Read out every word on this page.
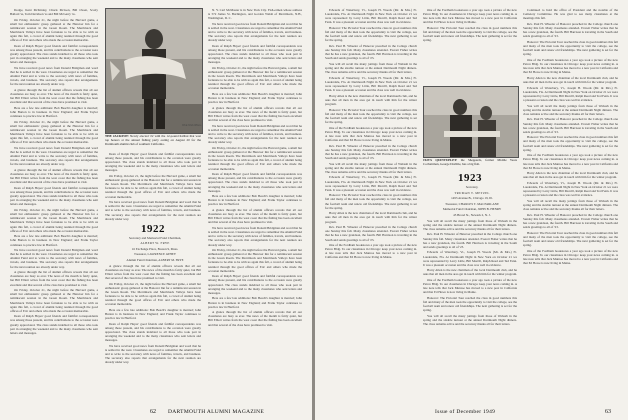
Dodge, Kent McKinley, Chuck Mcloon, Bill Owen, Scotty Ballard 'ss, Tom Davidson 'ss and Bill McGarry 'ss.

On Friday, October 21, the night before the Harvard game, a small but enthusiastic group gathered at the Hanover Inn for a reminiscent session in the Green Room. The Merrimack and Merrimack Valleys have been fortunate to be able to be with us again this fall, a crowd of alumni being reunited through the good offices of Eric and others who made the occasion memorable.

Dean of Ralph Hayes' good friends and faithful correspondents was among those present, and his contributions to the occasion were greatly appreciated. The class stands indebted to all those who took part in arranging the weekend and to the many classmates who sent letters and messages.

We have received good news from Donald Bridgman and word that he is settled in the west. Classmates are urged to remember the Alumni Fund and to write to the secretary with news of families, travels, and business. The secretary also reports that arrangements for the next reunion are already under way.

A glance through the list of alumni officers reveals that all our classmates are busy as ever. The news of the month is fairly quiet, but Bill Elliott writes from the west coast that the fishing has been excellent and that several of the class have promised to visit.

Here are a few late additions: Bob Beach's daughter is married; John Burton is in business in New England; and Frank Taylor continues to practice law in Hartford.

On Friday, October 21, the night before the Harvard game, a small but enthusiastic group gathered at the Hanover Inn for a reminiscent session in the Green Room. The Merrimack and Merrimack Valleys have been fortunate to be able to be with us again this fall, a crowd of alumni being reunited through the good offices of Eric and others who made the occasion memorable.

We have received good news from Donald Bridgman and word that he is settled in the west. Classmates are urged to remember the Alumni Fund and to write to the secretary with news of families, travels, and business. The secretary also reports that arrangements for the next reunion are already under way.

A glance through the list of alumni officers reveals that all our classmates are busy as ever. The news of the month is fairly quiet, but Bill Elliott writes from the west coast that the fishing has been excellent and that several of the class have promised to visit.

Dean of Ralph Hayes' good friends and faithful correspondents was among those present, and his contributions to the occasion were greatly appreciated. The class stands indebted to all those who took part in arranging the weekend and to the many classmates who sent letters and messages.

On Friday, October 21, the night before the Harvard game, a small but enthusiastic group gathered at the Hanover Inn for a reminiscent session in the Green Room. The Merrimack and Merrimack Valleys have been fortunate to be able to be with us again this fall, a crowd of alumni being reunited through the good offices of Eric and others who made the occasion memorable.

Here are a few late additions: Bob Beach's daughter is married; John Burton is in business in New England; and Frank Taylor continues to practice law in Hartford.

We have received good news from Donald Bridgman and word that he is settled in the west. Classmates are urged to remember the Alumni Fund and to write to the secretary with news of families, travels, and business. The secretary also reports that arrangements for the next reunion are already under way.

A glance through the list of alumni officers reveals that all our classmates are busy as ever. The news of the month is fairly quiet, but Bill Elliott writes from the west coast that the fishing has been excellent and that several of the class have promised to visit.

On Friday, October 21, the night before the Harvard game, a small but enthusiastic group gathered at the Hanover Inn for a reminiscent session in the Green Room. The Merrimack and Merrimack Valleys have been fortunate to be able to be with us again this fall, a crowd of alumni being reunited through the good offices of Eric and others who made the occasion memorable.

Dean of Ralph Hayes' good friends and faithful correspondents was among those present, and his contributions to the occasion were greatly appreciated. The class stands indebted to all those who took part in arranging the weekend and to the many classmates who sent letters and messages.

Wide World Photo
THE JACKPOT: Newly elected '22 with the 12-pound halibut that won top honors at the annual fishing party outing on August 20 for the Dartmouth alumni club of southern California.

Dean of Ralph Hayes' good friends and faithful correspondents was among those present, and his contributions to the occasion were greatly appreciated. The class stands indebted to all those who took part in arranging the weekend and to the many classmates who sent letters and messages.

On Friday, October 21, the night before the Harvard game, a small but enthusiastic group gathered at the Hanover Inn for a reminiscent session in the Green Room. The Merrimack and Merrimack Valleys have been fortunate to be able to be with us again this fall, a crowd of alumni being reunited through the good offices of Eric and others who made the occasion memorable.

We have received good news from Donald Bridgman and word that he is settled in the west. Classmates are urged to remember the Alumni Fund and to write to the secretary with news of families, travels, and business. The secretary also reports that arrangements for the next reunion are already under way.

1922

Secretary and Memorial Fund Chairman,

ALBERT W. FRYE

16 Exchange Place, Boston 9, Mass.

Treasurer, LAWRENCE ATHEY

Alumni Fund Chairman, ALBERT M. FRYE

A glance through the list of alumni officers reveals that all our classmates are busy as ever. The news of the month is fairly quiet, but Bill Elliott writes from the west coast that the fishing has been excellent and that several of the class have promised to visit.

On Friday, October 21, the night before the Harvard game, a small but enthusiastic group gathered at the Hanover Inn for a reminiscent session in the Green Room. The Merrimack and Merrimack Valleys have been fortunate to be able to be with us again this fall, a crowd of alumni being reunited through the good offices of Eric and others who made the occasion memorable.

Here are a few late additions: Bob Beach's daughter is married; John Burton is in business in New England; and Frank Taylor continues to practice law in Hartford.

Dean of Ralph Hayes' good friends and faithful correspondents was among those present, and his contributions to the occasion were greatly appreciated. The class stands indebted to all those who took part in arranging the weekend and to the many classmates who sent letters and messages.

We have received good news from Donald Bridgman and word that he is settled in the west. Classmates are urged to remember the Alumni Fund and to write to the secretary with news of families, travels, and business. The secretary also reports that arrangements for the next reunion are already under way.

N. Y. Carl McMaster is in New York City. Fish-ermen whose address is 572 James St. Burlington, and Gordon Walsh of Merrimack, N.H., Washington, D. C.

We have received good news from Donald Bridgman and word that he is settled in the west. Classmates are urged to remember the Alumni Fund and to write to the secretary with news of families, travels, and business. The secretary also reports that arrangements for the next reunion are already under way.

Dean of Ralph Hayes' good friends and faithful correspondents was among those present, and his contributions to the occasion were greatly appreciated. The class stands indebted to all those who took part in arranging the weekend and to the many classmates who sent letters and messages.

On Friday, October 21, the night before the Harvard game, a small but enthusiastic group gathered at the Hanover Inn for a reminiscent session in the Green Room. The Merrimack and Merrimack Valleys have been fortunate to be able to be with us again this fall, a crowd of alumni being reunited through the good offices of Eric and others who made the occasion memorable.

Here are a few late additions: Bob Beach's daughter is married; John Burton is in business in New England; and Frank Taylor continues to practice law in Hartford.

A glance through the list of alumni officers reveals that all our classmates are busy as ever. The news of the month is fairly quiet, but Bill Elliott writes from the west coast that the fishing has been excellent and that several of the class have promised to visit.

We have received good news from Donald Bridgman and word that he is settled in the west. Classmates are urged to remember the Alumni Fund and to write to the secretary with news of families, travels, and business. The secretary also reports that arrangements for the next reunion are already under way.

On Friday, October 21, the night before the Harvard game, a small but enthusiastic group gathered at the Hanover Inn for a reminiscent session in the Green Room. The Merrimack and Merrimack Valleys have been fortunate to be able to be with us again this fall, a crowd of alumni being reunited through the good offices of Eric and others who made the occasion memorable.

Dean of Ralph Hayes' good friends and faithful correspondents was among those present, and his contributions to the occasion were greatly appreciated. The class stands indebted to all those who took part in arranging the weekend and to the many classmates who sent letters and messages.

Here are a few late additions: Bob Beach's daughter is married; John Burton is in business in New England; and Frank Taylor continues to practice law in Hartford.

A glance through the list of alumni officers reveals that all our classmates are busy as ever. The news of the month is fairly quiet, but Bill Elliott writes from the west coast that the fishing has been excellent and that several of the class have promised to visit.

We have received good news from Donald Bridgman and word that he is settled in the west. Classmates are urged to remember the Alumni Fund and to write to the secretary with news of families, travels, and business. The secretary also reports that arrangements for the next reunion are already under way.

On Friday, October 21, the night before the Harvard game, a small but enthusiastic group gathered at the Hanover Inn for a reminiscent session in the Green Room. The Merrimack and Merrimack Valleys have been fortunate to be able to be with us again this fall, a crowd of alumni being reunited through the good offices of Eric and others who made the occasion memorable.

Dean of Ralph Hayes' good friends and faithful correspondents was among those present, and his contributions to the occasion were greatly appreciated. The class stands indebted to all those who took part in arranging the weekend and to the many classmates who sent letters and messages.

Here are a few late additions: Bob Beach's daughter is married; John Burton is in business in New England; and Frank Taylor continues to practice law in Hartford.

A glance through the list of alumni officers reveals that all our classmates are busy as ever. The news of the month is fairly quiet, but Bill Elliott writes from the west coast that the fishing has been excellent and that several of the class have promised to visit.

62 DARTMOUTH ALUMNI MAGAZINE

Edwards of Waterbury, Vt., Joseph H. Woods (Mr. & Mrs.) Ft. Lauderdale, Fla. At Dartmouth Night in New York on October 21 we were represented by Larry Little, Bill Morrill, Ralph Reed and Ted Fenn. It was a pleasant occasion and the class was well in evidence.

Hanover: The Pictorial Tour reached the class in good numbers this fall and many of the men took the opportunity to visit the college, see the football team and renew old friendships. The next gathering is set for the spring.

Rev. Paul H. Wheeler of Hanover preached in the College church one Sunday this fall. Many classmates attended. Everett Fisher writes that he has a new grandson, the fourth. Bill Harrison is traveling in the South and sends greetings to all of '23.

You will all recall the many jottings from those of Wabash in the spring and the sizable turnout at the annual Dartmouth Night dinners. The class remains active and the secretary thanks all for their letters.

Edwards of Waterbury, Vt., Joseph H. Woods (Mr. & Mrs.) Ft. Lauderdale, Fla. At Dartmouth Night in New York on October 21 we were represented by Larry Little, Bill Morrill, Ralph Reed and Ted Fenn. It was a pleasant occasion and the class was well in evidence.

Harry Allen is the new chairman of the local Dartmouth club, and he asks that all men in the area get in touch with him for the winter program.

Hanover: The Pictorial Tour reached the class in good numbers this fall and many of the men took the opportunity to visit the college, see the football team and renew old friendships. The next gathering is set for the spring.

One of the Fordham bookstores a year ago took a picture of the new Peirce Bldg. To our classmates in Chicago: keep your news coming in. A late note tells that Jack Munroe has moved to a new post in California and that Ed Howe is now living in Maine.

Rev. Paul H. Wheeler of Hanover preached in the College church one Sunday this fall. Many classmates attended. Everett Fisher writes that he has a new grandson, the fourth. Bill Harrison is traveling in the South and sends greetings to all of '23.

You will all recall the many jottings from those of Wabash in the spring and the sizable turnout at the annual Dartmouth Night dinners. The class remains active and the secretary thanks all for their letters.

Edwards of Waterbury, Vt., Joseph H. Woods (Mr. & Mrs.) Ft. Lauderdale, Fla. At Dartmouth Night in New York on October 21 we were represented by Larry Little, Bill Morrill, Ralph Reed and Ted Fenn. It was a pleasant occasion and the class was well in evidence.

Hanover: The Pictorial Tour reached the class in good numbers this fall and many of the men took the opportunity to visit the college, see the football team and renew old friendships. The next gathering is set for the spring.

Harry Allen is the new chairman of the local Dartmouth club, and he asks that all men in the area get in touch with him for the winter program.

Rev. Paul H. Wheeler of Hanover preached in the College church one Sunday this fall. Many classmates attended. Everett Fisher writes that he has a new grandson, the fourth. Bill Harrison is traveling in the South and sends greetings to all of '23.

One of the Fordham bookstores a year ago took a picture of the new Peirce Bldg. To our classmates in Chicago: keep your news coming in. A late note tells that Jack Munroe has moved to a new post in California and that Ed Howe is now living in Maine.

One of the Fordham bookstores a year ago took a picture of the new Peirce Bldg. To our classmates in Chicago: keep your news coming in. A late note tells that Jack Munroe has moved to a new post in California and that Ed Howe is now living in Maine.

Hanover: The Pictorial Tour reached the class in good numbers this fall and many of the men took the opportunity to visit the college, see the football team and renew old friendships. The next gathering is set for the spring.

1923'S QUINTUPLET: the Sheppards, former Middle Years Cochairmen, George Drabble, has a big fish.
1923

Secretary,

TRUMAN T. METZEL

1493 Avenue B., Chicago 19, Ill.

Treasurer, CHARLES T. MACFARLANE

Memorial Fund Chairman, JOHN B. HENRY

45 Broad St., Newark 2, N. J.

You will all recall the many jottings from those of Wabash in the spring and the sizable turnout at the annual Dartmouth Night dinners. The class remains active and the secretary thanks all for their letters.

Rev. Paul H. Wheeler of Hanover preached in the College church one Sunday this fall. Many classmates attended. Everett Fisher writes that he has a new grandson, the fourth. Bill Harrison is traveling in the South and sends greetings to all of '23.

Edwards of Waterbury, Vt., Joseph H. Woods (Mr. & Mrs.) Ft. Lauderdale, Fla. At Dartmouth Night in New York on October 21 we were represented by Larry Little, Bill Morrill, Ralph Reed and Ted Fenn. It was a pleasant occasion and the class was well in evidence.

Harry Allen is the new chairman of the local Dartmouth club, and he asks that all men in the area get in touch with him for the winter program.

One of the Fordham bookstores a year ago took a picture of the new Peirce Bldg. To our classmates in Chicago: keep your news coming in. A late note tells that Jack Munroe has moved to a new post in California and that Ed Howe is now living in Maine.

Hanover: The Pictorial Tour reached the class in good numbers this fall and many of the men took the opportunity to visit the college, see the football team and renew old friendships. The next gathering is set for the spring.

You will all recall the many jottings from those of Wabash in the spring and the sizable turnout at the annual Dartmouth Night dinners. The class remains active and the secretary thanks all for their letters.

Continued to hold the office of President and the notable of the Cemetery Committee. He was glad to see many classmates at the meetings this fall.

Rev. Paul H. Wheeler of Hanover preached in the College church one Sunday this fall. Many classmates attended. Everett Fisher writes that he has a new grandson, the fourth. Bill Harrison is traveling in the South and sends greetings to all of '23.

Hanover: The Pictorial Tour reached the class in good numbers this fall and many of the men took the opportunity to visit the college, see the football team and renew old friendships. The next gathering is set for the spring.

One of the Fordham bookstores a year ago took a picture of the new Peirce Bldg. To our classmates in Chicago: keep your news coming in. A late note tells that Jack Munroe has moved to a new post in California and that Ed Howe is now living in Maine.

Harry Allen is the new chairman of the local Dartmouth club, and he asks that all men in the area get in touch with him for the winter program.

Edwards of Waterbury, Vt., Joseph H. Woods (Mr. & Mrs.) Ft. Lauderdale, Fla. At Dartmouth Night in New York on October 21 we were represented by Larry Little, Bill Morrill, Ralph Reed and Ted Fenn. It was a pleasant occasion and the class was well in evidence.

You will all recall the many jottings from those of Wabash in the spring and the sizable turnout at the annual Dartmouth Night dinners. The class remains active and the secretary thanks all for their letters.

Rev. Paul H. Wheeler of Hanover preached in the College church one Sunday this fall. Many classmates attended. Everett Fisher writes that he has a new grandson, the fourth. Bill Harrison is traveling in the South and sends greetings to all of '23.

Hanover: The Pictorial Tour reached the class in good numbers this fall and many of the men took the opportunity to visit the college, see the football team and renew old friendships. The next gathering is set for the spring.

One of the Fordham bookstores a year ago took a picture of the new Peirce Bldg. To our classmates in Chicago: keep your news coming in. A late note tells that Jack Munroe has moved to a new post in California and that Ed Howe is now living in Maine.

Harry Allen is the new chairman of the local Dartmouth club, and he asks that all men in the area get in touch with him for the winter program.

Edwards of Waterbury, Vt., Joseph H. Woods (Mr. & Mrs.) Ft. Lauderdale, Fla. At Dartmouth Night in New York on October 21 we were represented by Larry Little, Bill Morrill, Ralph Reed and Ted Fenn. It was a pleasant occasion and the class was well in evidence.

You will all recall the many jottings from those of Wabash in the spring and the sizable turnout at the annual Dartmouth Night dinners. The class remains active and the secretary thanks all for their letters.

Rev. Paul H. Wheeler of Hanover preached in the College church one Sunday this fall. Many classmates attended. Everett Fisher writes that he has a new grandson, the fourth. Bill Harrison is traveling in the South and sends greetings to all of '23.

Hanover: The Pictorial Tour reached the class in good numbers this fall and many of the men took the opportunity to visit the college, see the football team and renew old friendships. The next gathering is set for the spring.

One of the Fordham bookstores a year ago took a picture of the new Peirce Bldg. To our classmates in Chicago: keep your news coming in. A late note tells that Jack Munroe has moved to a new post in California and that Ed Howe is now living in Maine.

Issue of December 1949	63
